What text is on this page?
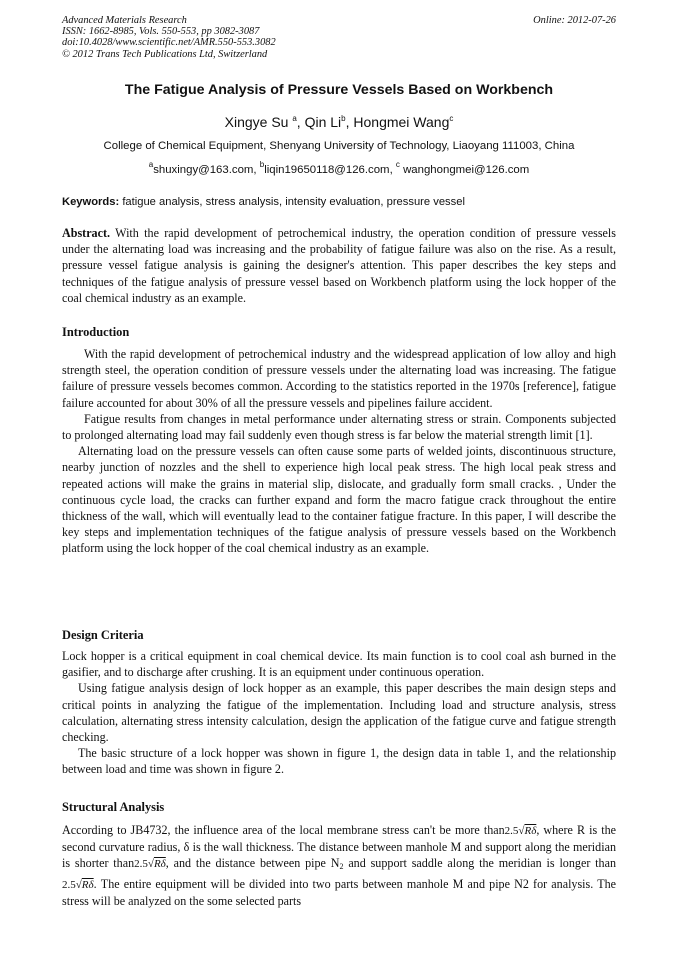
Advanced Materials Research
ISSN: 1662-8985, Vols. 550-553, pp 3082-3087
doi:10.4028/www.scientific.net/AMR.550-553.3082
© 2012 Trans Tech Publications Ltd, Switzerland
Online: 2012-07-26
The Fatigue Analysis of Pressure Vessels Based on Workbench
Xingye Su $^a$, Qin Li$^b$, Hongmei Wang$^c$
College of Chemical Equipment, Shenyang University of Technology, Liaoyang 111003, China
$^a$shuxingy@163.com, $^b$liqin19650118@126.com, $^c$ wanghongmei@126.com
Keywords: fatigue analysis, stress analysis, intensity evaluation, pressure vessel

Abstract. With the rapid development of petrochemical industry, the operation condition of pressure vessels under the alternating load was increasing and the probability of fatigue failure was also on the rise. As a result, pressure vessel fatigue analysis is gaining the designer's attention. This paper describes the key steps and techniques of the fatigue analysis of pressure vessel based on Workbench platform using the lock hopper of the coal chemical industry as an example.

Introduction

With the rapid development of petrochemical industry and the widespread application of low alloy and high strength steel, the operation condition of pressure vessels under the alternating load was increasing. The fatigue failure of pressure vessels becomes common. According to the statistics reported in the 1970s [reference], fatigue failure accounted for about 30% of all the pressure vessels and pipelines failure accident.

Fatigue results from changes in metal performance under alternating stress or strain. Components subjected to prolonged alternating load may fail suddenly even though stress is far below the material strength limit [1].

Alternating load on the pressure vessels can often cause some parts of welded joints, discontinuous structure, nearby junction of nozzles and the shell to experience high local peak stress. The high local peak stress and repeated actions will make the grains in material slip, dislocate, and gradually form small cracks. , Under the continuous cycle load, the cracks can further expand and form the macro fatigue crack throughout the entire thickness of the wall, which will eventually lead to the container fatigue fracture. In this paper, I will describe the key steps and implementation techniques of the fatigue analysis of pressure vessels based on the Workbench platform using the lock hopper of the coal chemical industry as an example.

Design Criteria

Lock hopper is a critical equipment in coal chemical device. Its main function is to cool coal ash burned in the gasifier, and to discharge after crushing. It is an equipment under continuous operation.

Using fatigue analysis design of lock hopper as an example, this paper describes the main design steps and critical points in analyzing the fatigue of the implementation. Including load and structure analysis, stress calculation, alternating stress intensity calculation, design the application of the fatigue curve and fatigue strength checking.

The basic structure of a lock hopper was shown in figure 1, the design data in table 1, and the relationship between load and time was shown in figure 2.

Structural Analysis

According to JB4732, the influence area of the local membrane stress can't be more than2.5√Rδ, where R is the second curvature radius, δ is the wall thickness. The distance between manhole M and support along the meridian is shorter than2.5√Rδ, and the distance between pipe $N_2$ and support saddle along the meridian is longer than 2.5√Rδ. The entire equipment will be divided into two parts between manhole M and pipe N2 for analysis. The stress will be analyzed on the some selected parts
